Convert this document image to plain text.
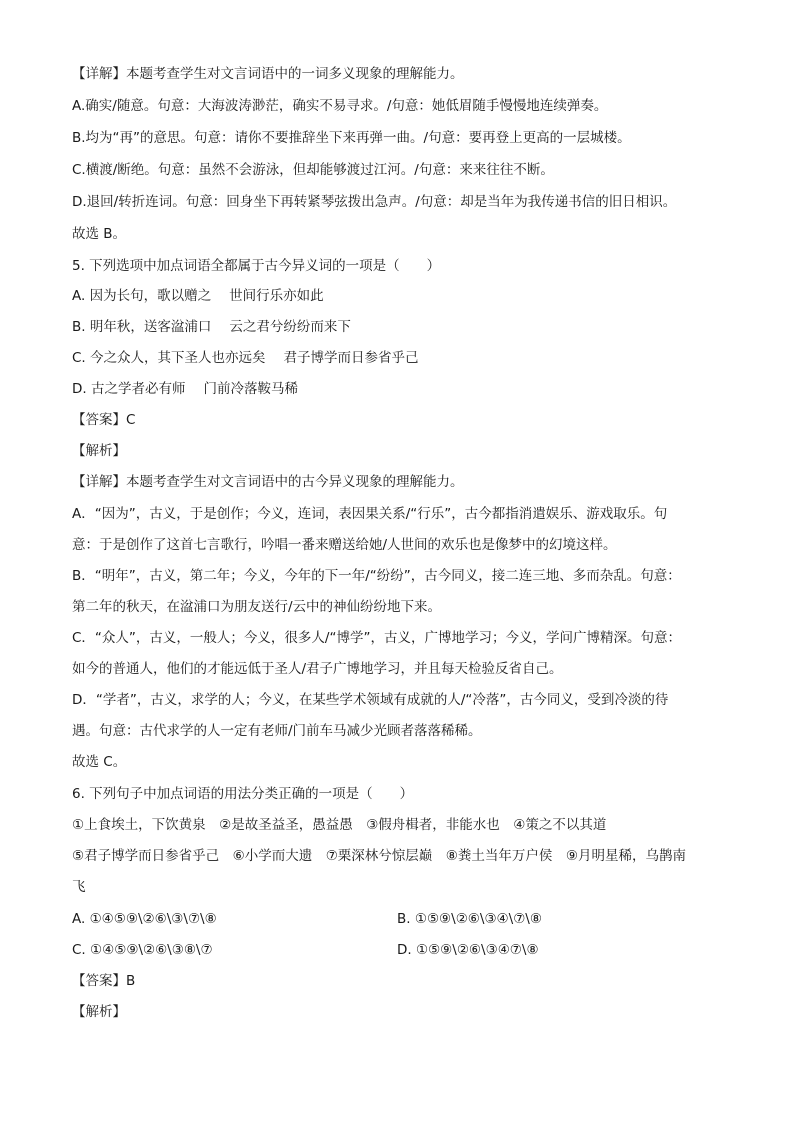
【详解】本题考查学生对文言词语中的一词多义现象的理解能力。
A.确实/随意。句意：大海波涛渺茫，确实不易寻求。/句意：她低眉随手慢慢地连续弹奏。
B.均为“再”的意思。句意：请你不要推辞坐下来再弹一曲。/句意：要再登上更高的一层城楼。
C.横渡/断绝。句意：虽然不会游泳，但却能够渡过江河。/句意：来来往往不断。
D.退回/转折连词。句意：回身坐下再转紧琴弦拨出急声。/句意：却是当年为我传递书信的旧日相识。
故选 B。
5. 下列选项中加点词语全都属于古今异义词的一项是（　　）
A. 因为长句，歌以赠之 世间行乐亦如此
B. 明年秋，送客湓浦口 云之君兮纷纷而来下
C. 今之众人，其下圣人也亦远矣 君子博学而日参省乎己
D. 古之学者必有师 门前冷落鞍马稀
【答案】C
【解析】
【详解】本题考查学生对文言词语中的古今异义现象的理解能力。
A．“因为”，古义，于是创作；今义，连词，表因果关系/“行乐”，古今都指消遣娱乐、游戏取乐。句
意：于是创作了这首七言歌行，吟唱一番来赠送给她/人世间的欢乐也是像梦中的幻境这样。
B．“明年”，古义，第二年；今义，今年的下一年/“纷纷”，古今同义，接二连三地、多而杂乱。句意：
第二年的秋天，在湓浦口为朋友送行/云中的神仙纷纷地下来。
C．“众人”，古义，一般人；今义，很多人/“博学”，古义，广博地学习；今义，学问广博精深。句意：
如今的普通人，他们的才能远低于圣人/君子广博地学习，并且每天检验反省自己。
D．“学者”，古义，求学的人；今义，在某些学术领域有成就的人/“冷落”，古今同义，受到冷淡的待
遇。句意：古代求学的人一定有老师/门前车马减少光顾者落落稀稀。
故选 C。
6. 下列句子中加点词语的用法分类正确的一项是（　　）
①上食埃土，下饮黄泉　②是故圣益圣，愚益愚　③假舟楫者，非能水也　④策之不以其道
⑤君子博学而日参省乎己　⑥小学而大遗　⑦栗深林兮惊层巅　⑧粪土当年万户侯　⑨月明星稀，乌鹊南
飞
A. ①④⑤⑨\②⑥\③\⑦\⑧	B. ①⑤⑨\②⑥\③④\⑦\⑧
C. ①④⑤⑨\②⑥\③⑧\⑦	D. ①⑤⑨\②⑥\③④⑦\⑧
【答案】B
【解析】
